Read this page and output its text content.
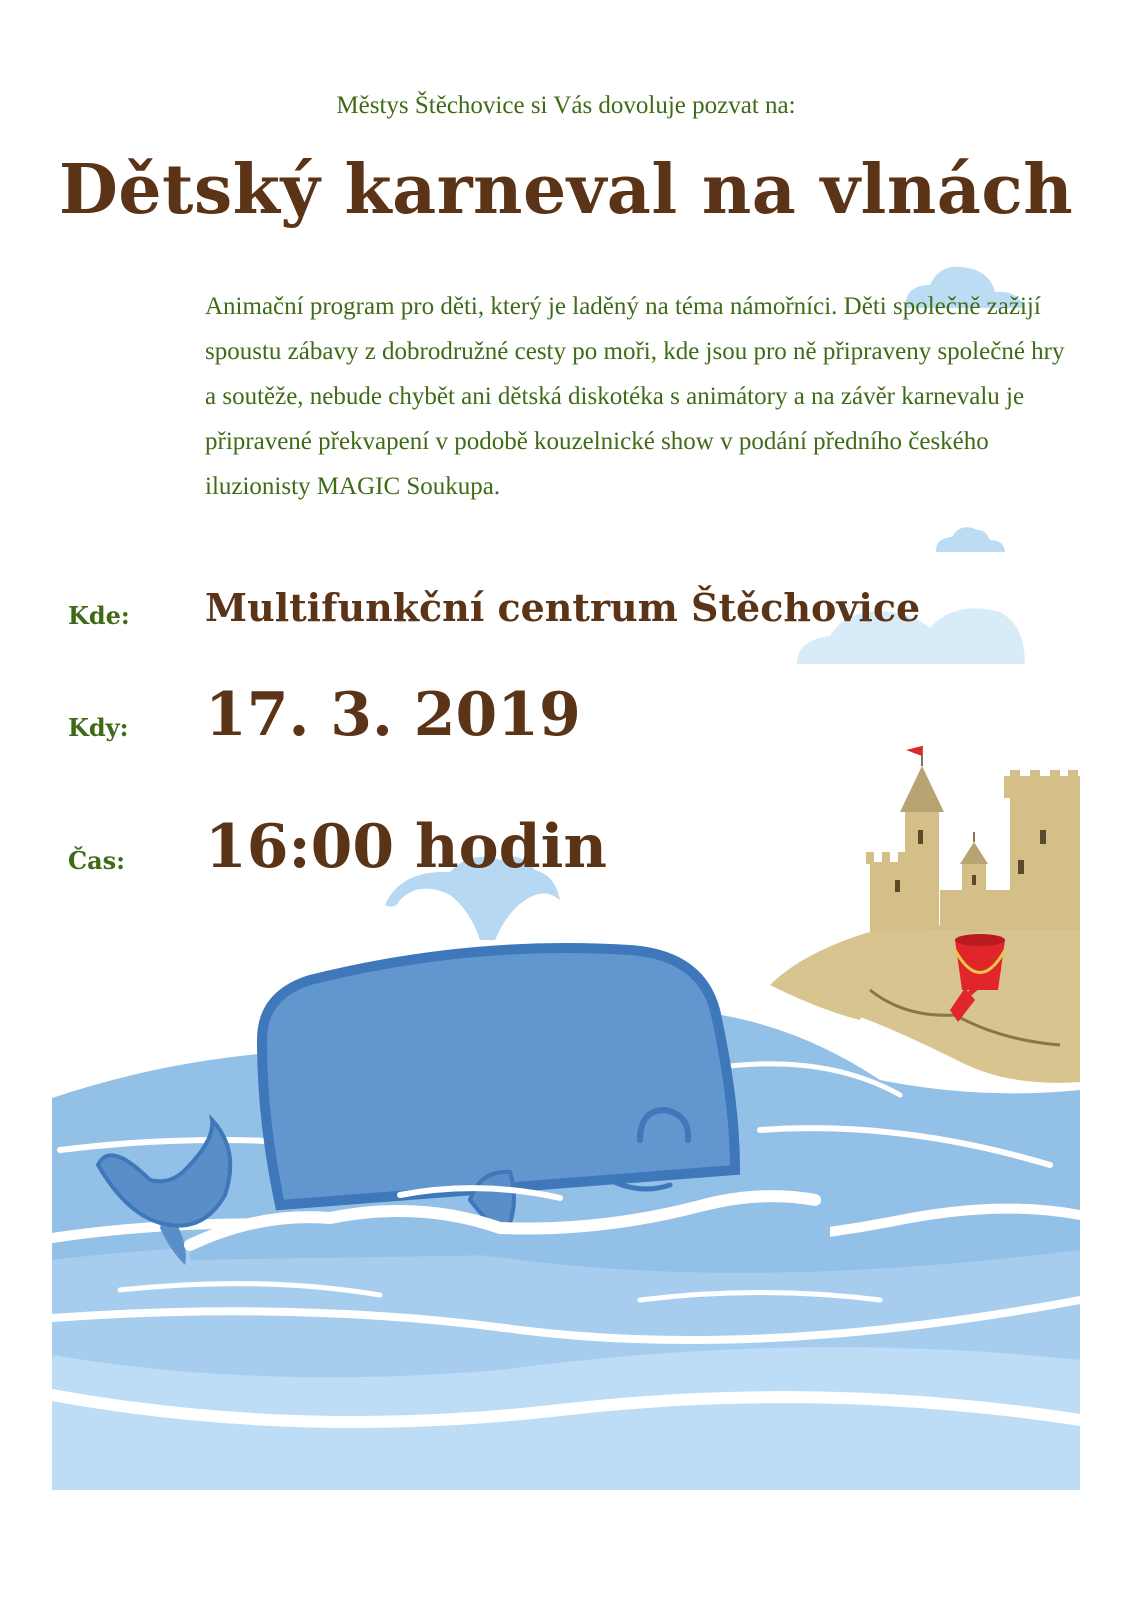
Městys Štěchovice si Vás dovoluje pozvat na:
Dětský karneval na vlnách
Animační program pro děti, který je laděný na téma námořníci. Děti společně zažijí spoustu zábavy z dobrodružné cesty po moři, kde jsou pro ně připraveny společné hry a soutěže, nebude chybět ani dětská diskotéka s animátory a na závěr karnevalu je připravené překvapení v podobě kouzelnické show v podání předního českého iluzionisty MAGIC Soukupa.
Kde: Multifunkční centrum Štěchovice
Kdy: 17. 3. 2019
Čas: 16:00 hodin
